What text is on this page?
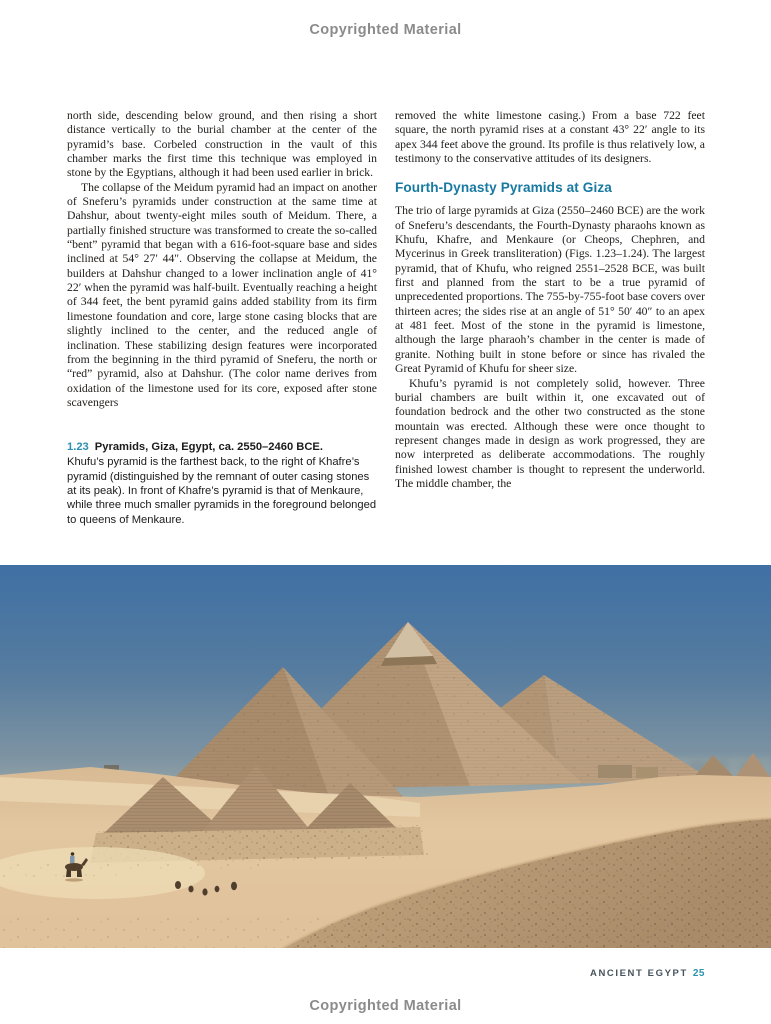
Copyrighted Material

north side, descending below ground, and then rising a short distance vertically to the burial chamber at the center of the pyramid’s base. Corbeled construction in the vault of this chamber marks the first time this technique was employed in stone by the Egyptians, although it had been used earlier in brick.

The collapse of the Meidum pyramid had an impact on another of Sneferu’s pyramids under construction at the same time at Dahshur, about twenty-eight miles south of Meidum. There, a partially finished structure was transformed to create the so-called “bent” pyramid that began with a 616-foot-square base and sides inclined at 54° 27′ 44″. Observing the collapse at Meidum, the builders at Dahshur changed to a lower inclination angle of 41° 22′ when the pyramid was half-built. Eventually reaching a height of 344 feet, the bent pyramid gains added stability from its firm limestone foundation and core, large stone casing blocks that are slightly inclined to the center, and the reduced angle of inclination. These stabilizing design features were incorporated from the beginning in the third pyramid of Sneferu, the north or “red” pyramid, also at Dahshur. (The color name derives from oxidation of the limestone used for its core, exposed after stone scavengers

1.23 Pyramids, Giza, Egypt, ca. 2550–2460 BCE.
Khufu’s pyramid is the farthest back, to the right of Khafre’s pyramid (distinguished by the remnant of outer casing stones at its peak). In front of Khafre’s pyramid is that of Menkaure, while three much smaller pyramids in the foreground belonged to queens of Menkaure.

removed the white limestone casing.) From a base 722 feet square, the north pyramid rises at a constant 43° 22′ angle to its apex 344 feet above the ground. Its profile is thus relatively low, a testimony to the conservative attitudes of its designers.

Fourth-Dynasty Pyramids at Giza

The trio of large pyramids at Giza (2550–2460 BCE) are the work of Sneferu’s descendants, the Fourth-Dynasty pharaohs known as Khufu, Khafre, and Menkaure (or Cheops, Chephren, and Mycerinus in Greek transliteration) (Figs. 1.23–1.24). The largest pyramid, that of Khufu, who reigned 2551–2528 BCE, was built first and planned from the start to be a true pyramid of unprecedented proportions. The 755-by-755-foot base covers over thirteen acres; the sides rise at an angle of 51° 50′ 40″ to an apex at 481 feet. Most of the stone in the pyramid is limestone, although the large pharaoh’s chamber in the center is made of granite. Nothing built in stone before or since has rivaled the Great Pyramid of Khufu for sheer size.

Khufu’s pyramid is not completely solid, however. Three burial chambers are built within it, one excavated out of foundation bedrock and the other two constructed as the stone mountain was erected. Although these were once thought to represent changes made in design as work progressed, they are now interpreted as deliberate accommodations. The roughly finished lowest chamber is thought to represent the underworld. The middle chamber, the

ANCIENT EGYPT 25
Copyrighted Material
